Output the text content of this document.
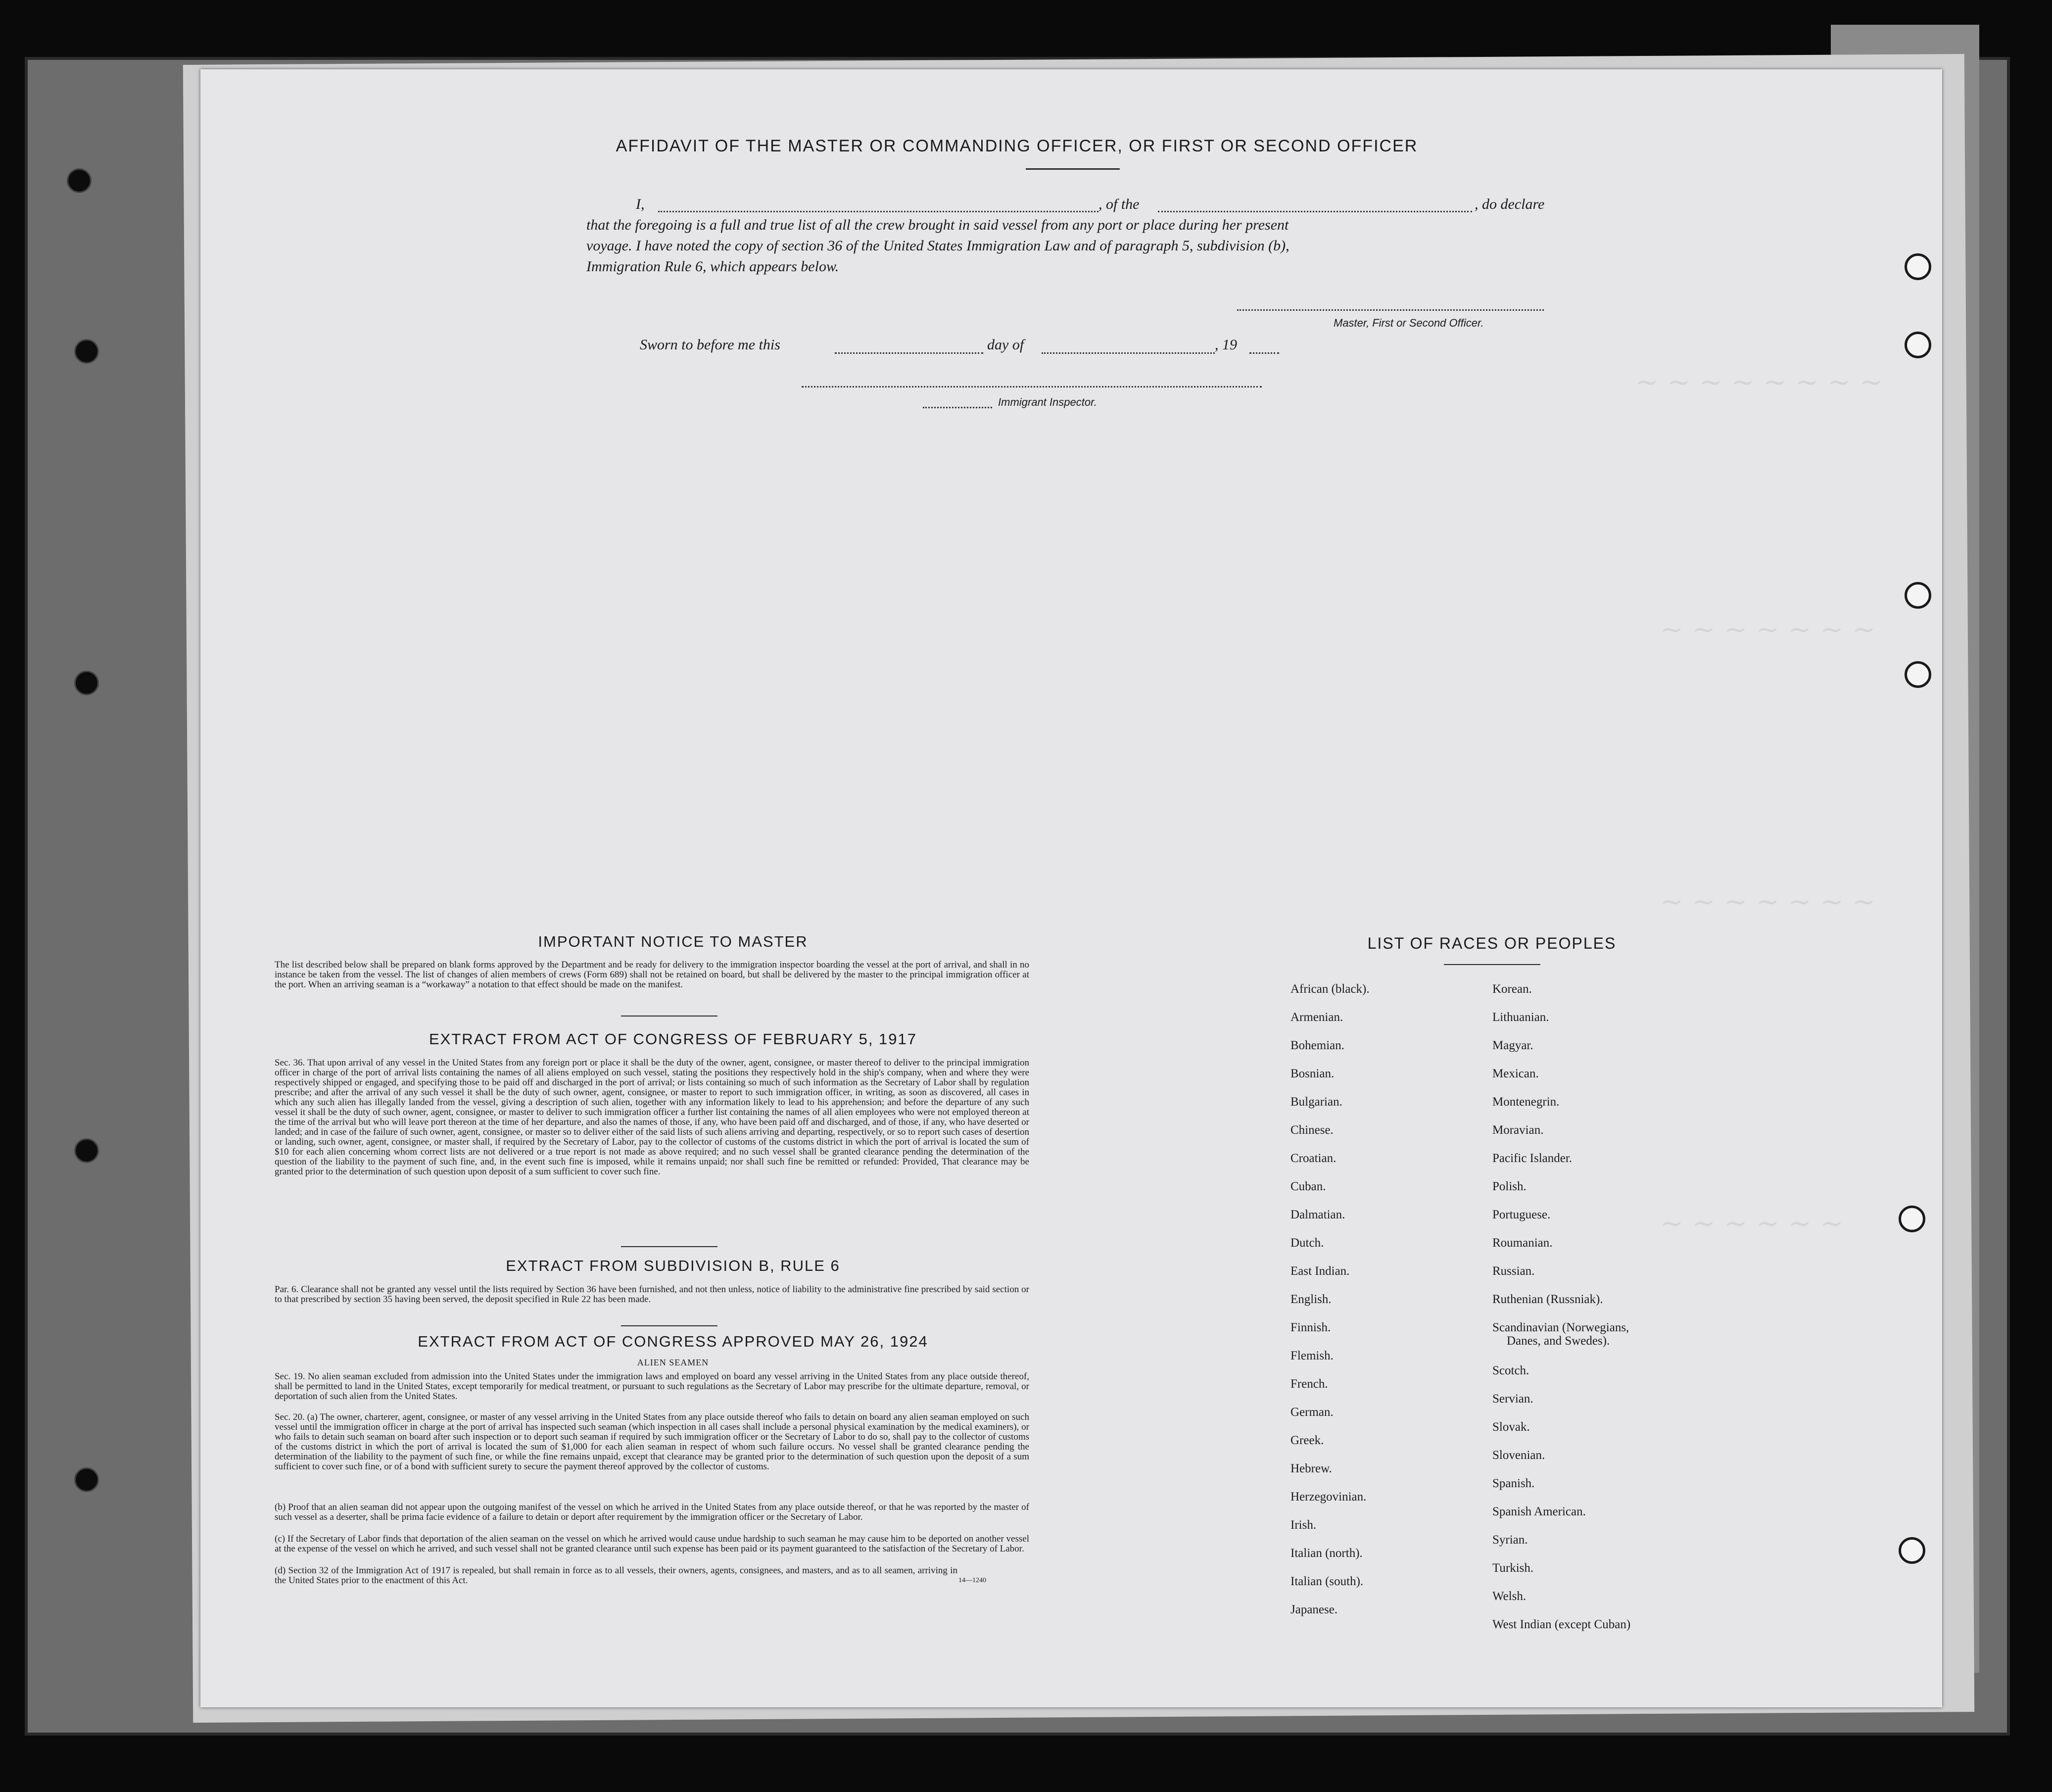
~ ~ ~ ~ ~ ~ ~ ~
~ ~ ~ ~ ~ ~ ~
~ ~ ~ ~ ~ ~ ~
~ ~ ~ ~ ~ ~
AFFIDAVIT OF THE MASTER OR COMMANDING OFFICER, OR FIRST OR SECOND OFFICER
I,	, of the	, do declare
that the foregoing is a full and true list of all the crew brought in said vessel from any port or place during her present
voyage. I have noted the copy of section 36 of the United States Immigration Law and of paragraph 5, subdivision (b),
Immigration Rule 6, which appears below.
Master, First or Second Officer.
Sworn to before me this	day of	, 19
Immigrant Inspector.
IMPORTANT NOTICE TO MASTER
The list described below shall be prepared on blank forms approved by the Department and be ready for delivery to the immigration inspector boarding the vessel at the port of arrival, and shall in no instance be taken from the vessel. The list of changes of alien members of crews (Form 689) shall not be retained on board, but shall be delivered by the master to the principal immigration officer at the port. When an arriving seaman is a “workaway” a notation to that effect should be made on the manifest.
EXTRACT FROM ACT OF CONGRESS OF FEBRUARY 5, 1917
Sec. 36. That upon arrival of any vessel in the United States from any foreign port or place it shall be the duty of the owner, agent, consignee, or master thereof to deliver to the principal immigration officer in charge of the port of arrival lists containing the names of all aliens employed on such vessel, stating the positions they respectively hold in the ship's company, when and where they were respectively shipped or engaged, and specifying those to be paid off and discharged in the port of arrival; or lists containing so much of such information as the Secretary of Labor shall by regulation prescribe; and after the arrival of any such vessel it shall be the duty of such owner, agent, consignee, or master to report to such immigration officer, in writing, as soon as discovered, all cases in which any such alien has illegally landed from the vessel, giving a description of such alien, together with any information likely to lead to his apprehension; and before the departure of any such vessel it shall be the duty of such owner, agent, consignee, or master to deliver to such immigration officer a further list containing the names of all alien employees who were not employed thereon at the time of the arrival but who will leave port thereon at the time of her departure, and also the names of those, if any, who have been paid off and discharged, and of those, if any, who have deserted or landed; and in case of the failure of such owner, agent, consignee, or master so to deliver either of the said lists of such aliens arriving and departing, respectively, or so to report such cases of desertion or landing, such owner, agent, consignee, or master shall, if required by the Secretary of Labor, pay to the collector of customs of the customs district in which the port of arrival is located the sum of $10 for each alien concerning whom correct lists are not delivered or a true report is not made as above required; and no such vessel shall be granted clearance pending the determination of the question of the liability to the payment of such fine, and, in the event such fine is imposed, while it remains unpaid; nor shall such fine be remitted or refunded: Provided, That clearance may be granted prior to the determination of such question upon deposit of a sum sufficient to cover such fine.
EXTRACT FROM SUBDIVISION B, RULE 6
Par. 6. Clearance shall not be granted any vessel until the lists required by Section 36 have been furnished, and not then unless, notice of liability to the administrative fine prescribed by said section or to that prescribed by section 35 having been served, the deposit specified in Rule 22 has been made.
EXTRACT FROM ACT OF CONGRESS APPROVED MAY 26, 1924
ALIEN SEAMEN
Sec. 19. No alien seaman excluded from admission into the United States under the immigration laws and employed on board any vessel arriving in the United States from any place outside thereof, shall be permitted to land in the United States, except temporarily for medical treatment, or pursuant to such regulations as the Secretary of Labor may prescribe for the ultimate departure, removal, or deportation of such alien from the United States.
Sec. 20. (a) The owner, charterer, agent, consignee, or master of any vessel arriving in the United States from any place outside thereof who fails to detain on board any alien seaman employed on such vessel until the immigration officer in charge at the port of arrival has inspected such seaman (which inspection in all cases shall include a personal physical examination by the medical examiners), or who fails to detain such seaman on board after such inspection or to deport such seaman if required by such immigration officer or the Secretary of Labor to do so, shall pay to the collector of customs of the customs district in which the port of arrival is located the sum of $1,000 for each alien seaman in respect of whom such failure occurs. No vessel shall be granted clearance pending the determination of the liability to the payment of such fine, or while the fine remains unpaid, except that clearance may be granted prior to the determination of such question upon the deposit of a sum sufficient to cover such fine, or of a bond with sufficient surety to secure the payment thereof approved by the collector of customs.
(b) Proof that an alien seaman did not appear upon the outgoing manifest of the vessel on which he arrived in the United States from any place outside thereof, or that he was reported by the master of such vessel as a deserter, shall be prima facie evidence of a failure to detain or deport after requirement by the immigration officer or the Secretary of Labor.
(c) If the Secretary of Labor finds that deportation of the alien seaman on the vessel on which he arrived would cause undue hardship to such seaman he may cause him to be deported on another vessel at the expense of the vessel on which he arrived, and such vessel shall not be granted clearance until such expense has been paid or its payment guaranteed to the satisfaction of the Secretary of Labor.
(d) Section 32 of the Immigration Act of 1917 is repealed, but shall remain in force as to all vessels, their owners, agents, consignees, and masters, and as to all seamen, arriving in the United States prior to the enactment of this Act.	14—1240
LIST OF RACES OR PEOPLES
African (black).
Armenian.
Bohemian.
Bosnian.
Bulgarian.
Chinese.
Croatian.
Cuban.
Dalmatian.
Dutch.
East Indian.
English.
Finnish.
Flemish.
French.
German.
Greek.
Hebrew.
Herzegovinian.
Irish.
Italian (north).
Italian (south).
Japanese.
Korean.
Lithuanian.
Magyar.
Mexican.
Montenegrin.
Moravian.
Pacific Islander.
Polish.
Portuguese.
Roumanian.
Russian.
Ruthenian (Russniak).
Scandinavian (Norwegians,
Danes, and Swedes).
Scotch.
Servian.
Slovak.
Slovenian.
Spanish.
Spanish American.
Syrian.
Turkish.
Welsh.
West Indian (except Cuban)
